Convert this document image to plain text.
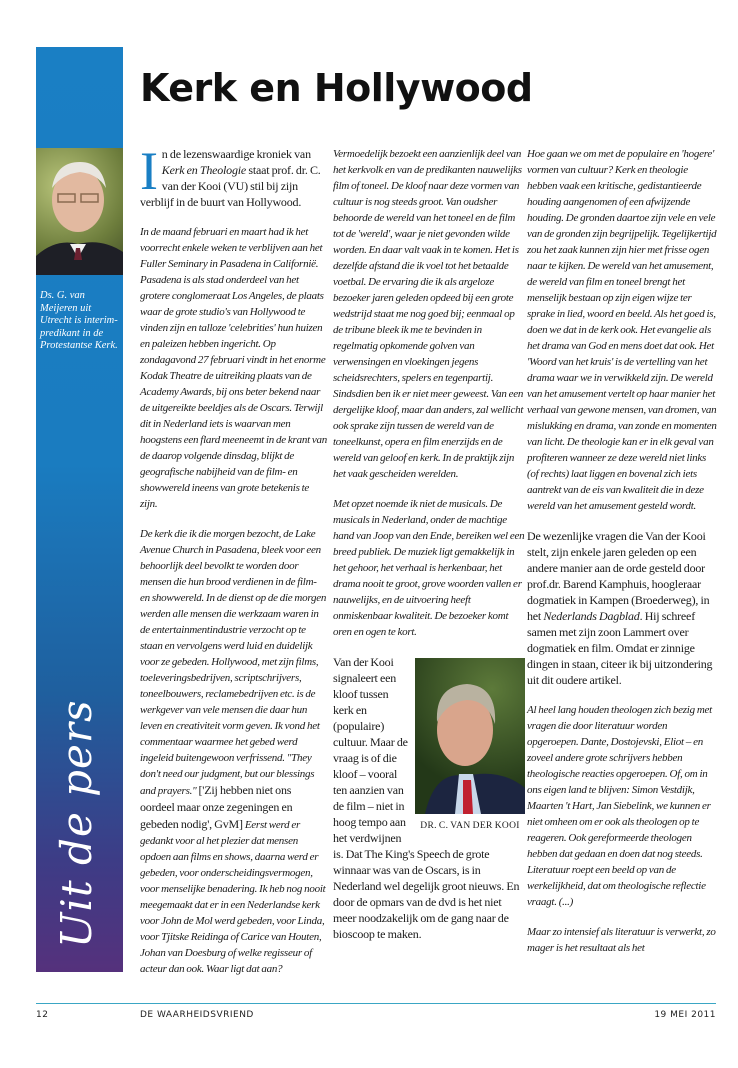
Ds. G. van Meijeren uit Utrecht is interim-predikant in de Protestantse Kerk.
Uit de pers
Kerk en Hollywood

In de lezenswaardige kroniek van Kerk en Theologie staat prof. dr. C. van der Kooi (VU) stil bij zijn verblijf in de buurt van Hollywood.

In de maand februari en maart had ik het voorrecht enkele weken te verblijven aan het Fuller Seminary in Pasadena in Californië. Pasadena is als stad onderdeel van het grotere conglomeraat Los Angeles, de plaats waar de grote studio's van Hollywood te vinden zijn en talloze 'celebrities' hun huizen en paleizen hebben ingericht. Op zondagavond 27 februari vindt in het enorme Kodak Theatre de uitreiking plaats van de Academy Awards, bij ons beter bekend naar de uitgereikte beeldjes als de Oscars. Terwijl dit in Nederland iets is waarvan men hoogstens een flard meeneemt in de krant van de daarop volgende dinsdag, blijkt de geografische nabijheid van de film- en showwereld ineens van grote betekenis te zijn.

De kerk die ik die morgen bezocht, de Lake Avenue Church in Pasadena, bleek voor een behoorlijk deel bevolkt te worden door mensen die hun brood verdienen in de film- en showwereld. In de dienst op de die morgen werden alle mensen die werkzaam waren in de entertainmentindustrie verzocht op te staan en vervolgens werd luid en duidelijk voor ze gebeden. Hollywood, met zijn films, toeleveringsbedrijven, scriptschrijvers, toneelbouwers, reclamebedrijven etc. is de werkgever van vele mensen die daar hun leven en creativiteit vorm geven. Ik vond het commentaar waarmee het gebed werd ingeleid buitengewoon verfrissend. "They don't need our judgment, but our blessings and prayers." ['Zij hebben niet ons oordeel maar onze zegeningen en gebeden nodig', GvM] Eerst werd er gedankt voor al het plezier dat mensen opdoen aan films en shows, daarna werd er gebeden, voor onderscheidingsvermogen, voor menselijke benadering. Ik heb nog nooit meegemaakt dat er in een Nederlandse kerk voor John de Mol werd gebeden, voor Linda, voor Tjitske Reidinga of Carice van Houten, Johan van Doesburg of welke regisseur of acteur dan ook. Waar ligt dat aan?

Vermoedelijk bezoekt een aanzienlijk deel van het kerkvolk en van de predikanten nauwelijks film of toneel. De kloof naar deze vormen van cultuur is nog steeds groot. Van oudsher behoorde de wereld van het toneel en de film tot de 'wereld', waar je niet gevonden wilde worden. En daar valt vaak in te komen. Het is dezelfde afstand die ik voel tot het betaalde voetbal. De ervaring die ik als argeloze bezoeker jaren geleden opdeed bij een grote wedstrijd staat me nog goed bij; eenmaal op de tribune bleek ik me te bevinden in regelmatig opkomende golven van verwensingen en vloekingen jegens scheidsrechters, spelers en tegenpartij. Sindsdien ben ik er niet meer geweest. Van een dergelijke kloof, maar dan anders, zal wellicht ook sprake zijn tussen de wereld van de toneelkunst, opera en film enerzijds en de wereld van geloof en kerk. In de praktijk zijn het vaak gescheiden werelden.

Met opzet noemde ik niet de musicals. De musicals in Nederland, onder de machtige hand van Joop van den Ende, bereiken wel een breed publiek. De muziek ligt gemakkelijk in het gehoor, het verhaal is herkenbaar, het drama nooit te groot, grove woorden vallen er nauwelijks, en de uitvoering heeft onmiskenbaar kwaliteit. De bezoeker komt oren en ogen te kort.

DR. C. VAN DER KOOI
Van der Kooi signaleert een kloof tussen kerk en (populaire) cultuur. Maar de vraag is of die kloof – vooral ten aanzien van de film – niet in hoog tempo aan het verdwijnen is. Dat The King's Speech de grote winnaar was van de Oscars, is in Nederland wel degelijk groot nieuws. En door de opmars van de dvd is het niet meer noodzakelijk om de gang naar de bioscoop te maken.

Hoe gaan we om met de populaire en 'hogere' vormen van cultuur? Kerk en theologie hebben vaak een kritische, gedistantieerde houding aangenomen of een afwijzende houding. De gronden daartoe zijn vele en vele van de gronden zijn begrijpelijk. Tegelijkertijd zou het zaak kunnen zijn hier met frisse ogen naar te kijken. De wereld van het amusement, de wereld van film en toneel brengt het menselijk bestaan op zijn eigen wijze ter sprake in lied, woord en beeld. Als het goed is, doen we dat in de kerk ook. Het evangelie als het drama van God en mens doet dat ook. Het 'Woord van het kruis' is de vertelling van het drama waar we in verwikkeld zijn. De wereld van het amusement vertelt op haar manier het verhaal van gewone mensen, van dromen, van mislukking en drama, van zonde en momenten van licht. De theologie kan er in elk geval van profiteren wanneer ze deze wereld niet links (of rechts) laat liggen en bovenal zich iets aantrekt van de eis van kwaliteit die in deze wereld van het amusement gesteld wordt.

De wezenlijke vragen die Van der Kooi stelt, zijn enkele jaren geleden op een andere manier aan de orde gesteld door prof.dr. Barend Kamphuis, hoogleraar dogmatiek in Kampen (Broederweg), in het Nederlands Dagblad. Hij schreef samen met zijn zoon Lammert over dogmatiek en film. Omdat er zinnige dingen in staan, citeer ik bij uitzondering uit dit oudere artikel.

Al heel lang houden theologen zich bezig met vragen die door literatuur worden opgeroepen. Dante, Dostojevski, Eliot – en zoveel andere grote schrijvers hebben theologische reacties opgeroepen. Of, om in ons eigen land te blijven: Simon Vestdijk, Maarten 't Hart, Jan Siebelink, we kunnen er niet omheen om er ook als theologen op te reageren. Ook gereformeerde theologen hebben dat gedaan en doen dat nog steeds. Literatuur roept een beeld op van de werkelijkheid, dat om theologische reflectie vraagt. (...)

Maar zo intensief als literatuur is verwerkt, zo mager is het resultaat als het

12	DE WAARHEIDSVRIEND	19 MEI 2011
